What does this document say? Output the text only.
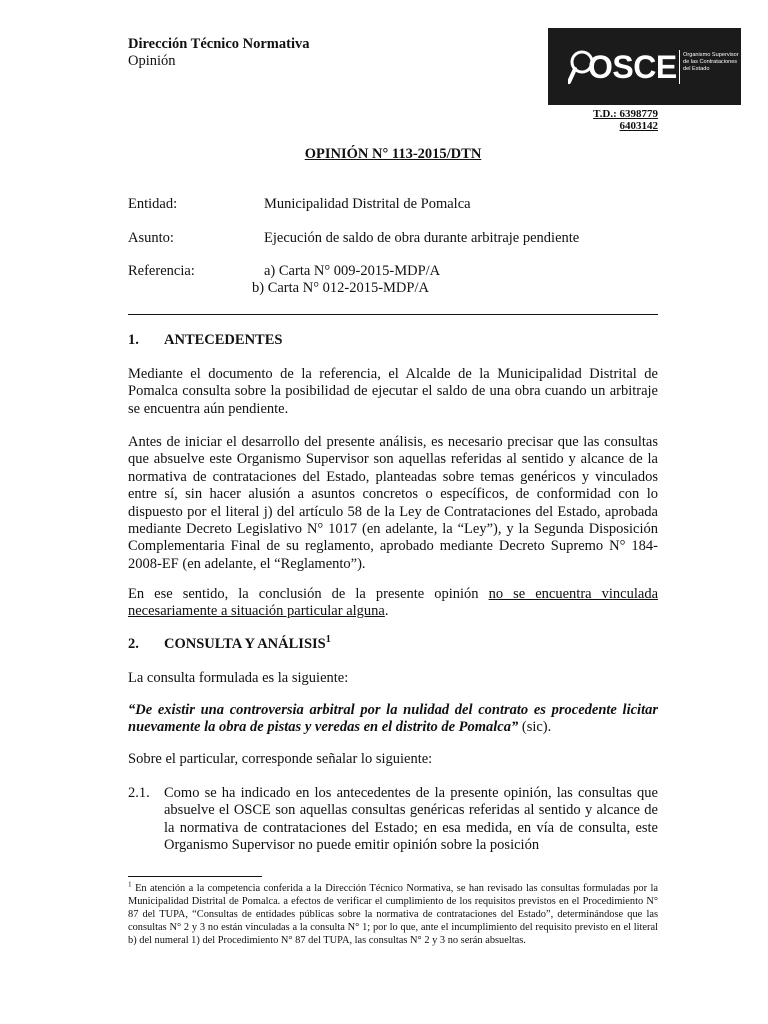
Dirección Técnico Normativa
Opinión	OSCE Organismo Supervisor de las Contrataciones del Estado
T.D.: 6398779
6403142
OPINIÓN N° 113-2015/DTN
Entidad:	Municipalidad Distrital de Pomalca
Asunto:	Ejecución de saldo de obra durante arbitraje pendiente
Referencia:	a) Carta N° 009-2015-MDP/A
b) Carta N° 012-2015-MDP/A
1. ANTECEDENTES
Mediante el documento de la referencia, el Alcalde de la Municipalidad Distrital de Pomalca consulta sobre la posibilidad de ejecutar el saldo de una obra cuando un arbitraje se encuentra aún pendiente.
Antes de iniciar el desarrollo del presente análisis, es necesario precisar que las consultas que absuelve este Organismo Supervisor son aquellas referidas al sentido y alcance de la normativa de contrataciones del Estado, planteadas sobre temas genéricos y vinculados entre sí, sin hacer alusión a asuntos concretos o específicos, de conformidad con lo dispuesto por el literal j) del artículo 58 de la Ley de Contrataciones del Estado, aprobada mediante Decreto Legislativo N° 1017 (en adelante, la “Ley”), y la Segunda Disposición Complementaria Final de su reglamento, aprobado mediante Decreto Supremo N° 184-2008-EF (en adelante, el “Reglamento”).
En ese sentido, la conclusión de la presente opinión no se encuentra vinculada necesariamente a situación particular alguna.
2. CONSULTA Y ANÁLISIS$^1$
La consulta formulada es la siguiente:
“De existir una controversia arbitral por la nulidad del contrato es procedente licitar nuevamente la obra de pistas y veredas en el distrito de Pomalca” (sic).
Sobre el particular, corresponde señalar lo siguiente:
2.1. Como se ha indicado en los antecedentes de la presente opinión, las consultas que absuelve el OSCE son aquellas consultas genéricas referidas al sentido y alcance de la normativa de contrataciones del Estado; en esa medida, en vía de consulta, este Organismo Supervisor no puede emitir opinión sobre la posición
$^1$ En atención a la competencia conferida a la Dirección Técnico Normativa, se han revisado las consultas formuladas por la Municipalidad Distrital de Pomalca. a efectos de verificar el cumplimiento de los requisitos previstos en el Procedimiento N° 87 del TUPA, “Consultas de entidades públicas sobre la normativa de contrataciones del Estado”, determinándose que las consultas N° 2 y 3 no están vinculadas a la consulta N° 1; por lo que, ante el incumplimiento del requisito previsto en el literal b) del numeral 1) del Procedimiento N° 87 del TUPA, las consultas N° 2 y 3 no serán absueltas.
